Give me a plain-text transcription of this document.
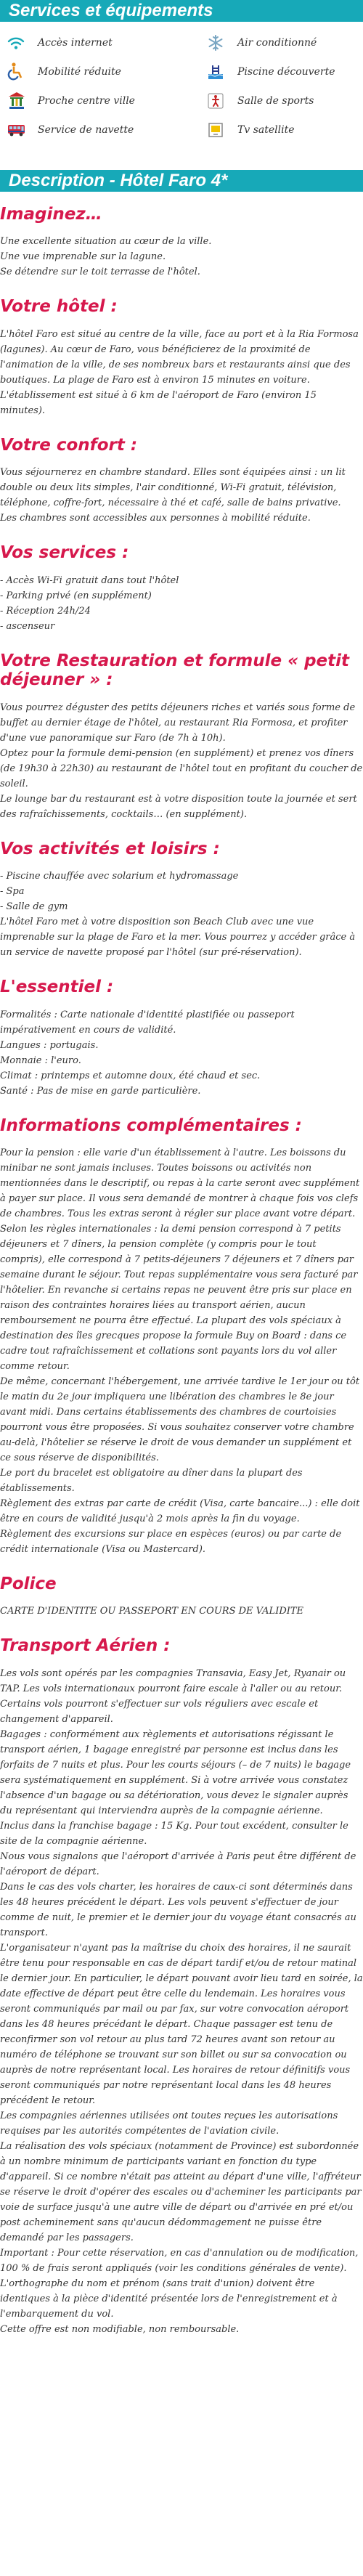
Services et équipements
Accès internet	Air conditionné
Mobilité réduite	Piscine découverte
Proche centre ville	Salle de sports
Service de navette	Tv satellite
Description - Hôtel Faro 4*
Imaginez…

Une excellente situation au cœur de la ville.
Une vue imprenable sur la lagune.
Se détendre sur le toit terrasse de l'hôtel.

Votre hôtel :

L'hôtel Faro est situé au centre de la ville, face au port et à la Ria Formosa (lagunes). Au cœur de Faro, vous bénéficierez de la proximité de l'animation de la ville, de ses nombreux bars et restaurants ainsi que des boutiques. La plage de Faro est à environ 15 minutes en voiture.
L'établissement est situé à 6 km de l'aéroport de Faro (environ 15 minutes).

Votre confort :

Vous séjournerez en chambre standard. Elles sont équipées ainsi : un lit double ou deux lits simples, l'air conditionné, Wi-Fi gratuit, télévision, téléphone, coffre-fort, nécessaire à thé et café, salle de bains privative.
Les chambres sont accessibles aux personnes à mobilité réduite.

Vos services :

- Accès Wi-Fi gratuit dans tout l'hôtel
- Parking privé (en supplément)
- Réception 24h/24
- ascenseur

Votre Restauration et formule « petit déjeuner » :

Vous pourrez déguster des petits déjeuners riches et variés sous forme de buffet au dernier étage de l'hôtel, au restaurant Ria Formosa, et profiter d'une vue panoramique sur Faro (de 7h à 10h).
Optez pour la formule demi-pension (en supplément) et prenez vos dîners (de 19h30 à 22h30) au restaurant de l'hôtel tout en profitant du coucher de soleil.
Le lounge bar du restaurant est à votre disposition toute la journée et sert des rafraîchissements, cocktails… (en supplément).

Vos activités et loisirs :

- Piscine chauffée avec solarium et hydromassage
- Spa
- Salle de gym
L'hôtel Faro met à votre disposition son Beach Club avec une vue imprenable sur la plage de Faro et la mer. Vous pourrez y accéder grâce à un service de navette proposé par l'hôtel (sur pré-réservation).

L'essentiel :

Formalités : Carte nationale d'identité plastifiée ou passeport impérativement en cours de validité.
Langues : portugais.
Monnaie : l'euro.
Climat : printemps et automne doux, été chaud et sec.
Santé : Pas de mise en garde particulière.

Informations complémentaires :

Pour la pension : elle varie d'un établissement à l'autre. Les boissons du minibar ne sont jamais incluses. Toutes boissons ou activités non mentionnées dans le descriptif, ou repas à la carte seront avec supplément à payer sur place. Il vous sera demandé de montrer à chaque fois vos clefs de chambres. Tous les extras seront à régler sur place avant votre départ.
Selon les règles internationales : la demi pension correspond à 7 petits déjeuners et 7 dîners, la pension complète (y compris pour le tout compris), elle correspond à 7 petits-déjeuners 7 déjeuners et 7 dîners par semaine durant le séjour. Tout repas supplémentaire vous sera facturé par l'hôtelier. En revanche si certains repas ne peuvent être pris sur place en raison des contraintes horaires liées au transport aérien, aucun remboursement ne pourra être effectué. La plupart des vols spéciaux à destination des îles grecques propose la formule Buy on Board : dans ce cadre tout rafraîchissement et collations sont payants lors du vol aller comme retour.
De même, concernant l'hébergement, une arrivée tardive le 1er jour ou tôt le matin du 2e jour impliquera une libération des chambres le 8e jour avant midi. Dans certains établissements des chambres de courtoisies pourront vous être proposées. Si vous souhaitez conserver votre chambre au-delà, l'hôtelier se réserve le droit de vous demander un supplément et ce sous réserve de disponibilités.
Le port du bracelet est obligatoire au dîner dans la plupart des établissements.
Règlement des extras par carte de crédit (Visa, carte bancaire...) : elle doit être en cours de validité jusqu'à 2 mois après la fin du voyage.
Règlement des excursions sur place en espèces (euros) ou par carte de crédit internationale (Visa ou Mastercard).

Police

CARTE D'IDENTITE OU PASSEPORT EN COURS DE VALIDITE

Transport Aérien :

Les vols sont opérés par les compagnies Transavia, Easy Jet, Ryanair ou TAP. Les vols internationaux pourront faire escale à l'aller ou au retour.
Certains vols pourront s'effectuer sur vols réguliers avec escale et changement d'appareil.
Bagages : conformément aux règlements et autorisations régissant le transport aérien, 1 bagage enregistré par personne est inclus dans les forfaits de 7 nuits et plus. Pour les courts séjours (– de 7 nuits) le bagage sera systématiquement en supplément. Si à votre arrivée vous constatez l'absence d'un bagage ou sa détérioration, vous devez le signaler auprès du représentant qui interviendra auprès de la compagnie aérienne.
Inclus dans la franchise bagage : 15 Kg. Pour tout excédent, consulter le site de la compagnie aérienne.
Nous vous signalons que l'aéroport d'arrivée à Paris peut être différent de l'aéroport de départ.
Dans le cas des vols charter, les horaires de caux-ci sont déterminés dans les 48 heures précédent le départ. Les vols peuvent s'effectuer de jour comme de nuit, le premier et le dernier jour du voyage étant consacrés au transport.
L'organisateur n'ayant pas la maîtrise du choix des horaires, il ne saurait être tenu pour responsable en cas de départ tardif et/ou de retour matinal le dernier jour. En particulier, le départ pouvant avoir lieu tard en soirée, la date effective de départ peut être celle du lendemain. Les horaires vous seront communiqués par mail ou par fax, sur votre convocation aéroport dans les 48 heures précédant le départ. Chaque passager est tenu de reconfirmer son vol retour au plus tard 72 heures avant son retour au numéro de téléphone se trouvant sur son billet ou sur sa convocation ou auprès de notre représentant local. Les horaires de retour définitifs vous seront communiqués par notre représentant local dans les 48 heures précédent le retour.
Les compagnies aériennes utilisées ont toutes reçues les autorisations requises par les autorités compétentes de l'aviation civile.
La réalisation des vols spéciaux (notamment de Province) est subordonnée à un nombre minimum de participants variant en fonction du type d'appareil. Si ce nombre n'était pas atteint au départ d'une ville, l'affréteur se réserve le droit d'opérer des escales ou d'acheminer les participants par voie de surface jusqu'à une autre ville de départ ou d'arrivée en pré et/ou post acheminement sans qu'aucun dédommagement ne puisse être demandé par les passagers.
Important : Pour cette réservation, en cas d'annulation ou de modification, 100 % de frais seront appliqués (voir les conditions générales de vente).
L'orthographe du nom et prénom (sans trait d'union) doivent être identiques à la pièce d'identité présentée lors de l'enregistrement et à l'embarquement du vol.
Cette offre est non modifiable, non remboursable.
